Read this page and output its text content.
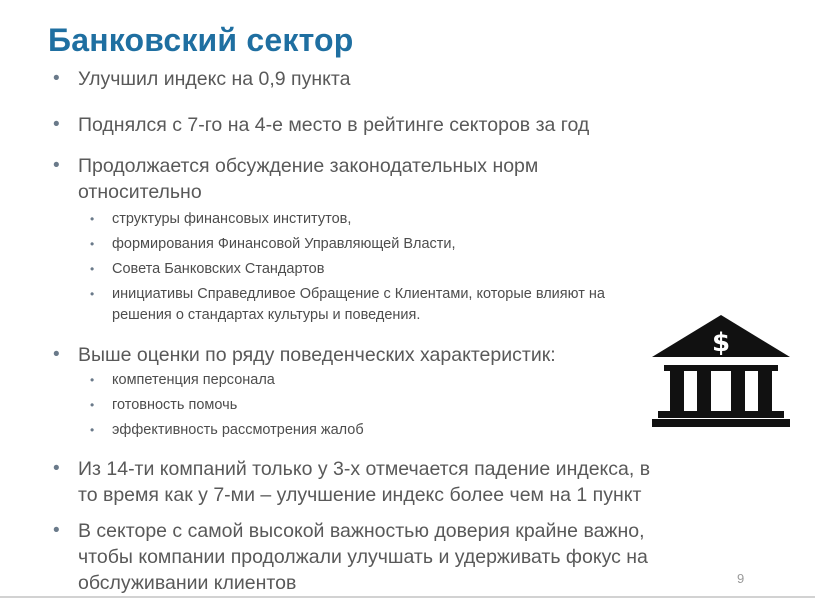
Банковский сектор
• Улучшил индекс на 0,9 пункта
• Поднялся с 7-го на 4-е место в рейтинге секторов за год
• Продолжается обсуждение законодательных норм
относительно
• структуры финансовых институтов,
• формирования Финансовой Управляющей Власти,
• Совета Банковских Стандартов
• инициативы Справедливое Обращение с Клиентами, которые влияют на
решения о стандартах культуры и поведения.
• Выше оценки по ряду поведенческих характеристик:
• компетенция персонала
• готовность помочь
• эффективность рассмотрения жалоб
• Из 14-ти компаний только у 3-х отмечается падение индекса, в
то время как у 7-ми – улучшение индекс более чем на 1 пункт
• В секторе с самой высокой важностью доверия крайне важно,
чтобы компании продолжали улучшать и удерживать фокус на
обслуживании клиентов
$
9
